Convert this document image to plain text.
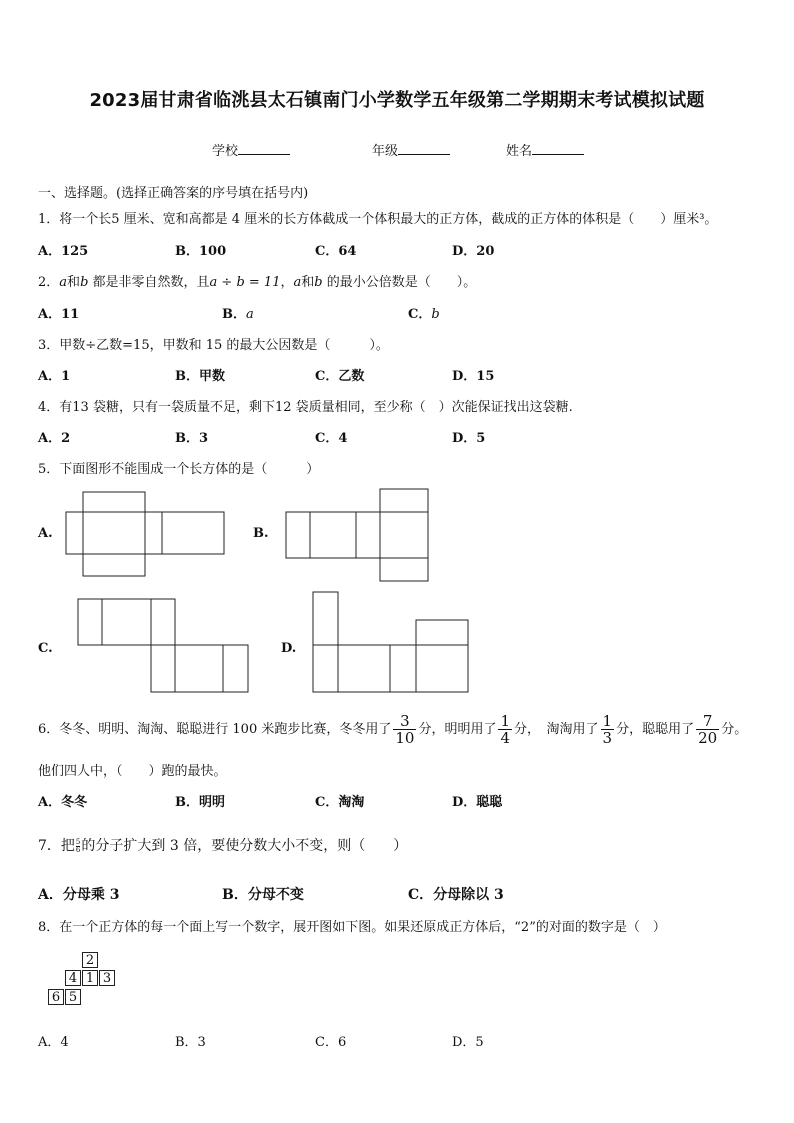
2023届甘肃省临洮县太石镇南门小学数学五年级第二学期期末考试模拟试题
学校	年级	姓名
一、选择题。(选择正确答案的序号填在括号内)
1．将一个长5 厘米、宽和高都是 4 厘米的长方体截成一个体积最大的正方体，截成的正方体的体积是（　　）厘米³。
A．125	B．100	C．64	D．20
2．a和b 都是非零自然数，且a ÷ b = 11，a和b 的最小公倍数是（　　）。
A．11	B．a	C．b
3．甲数÷乙数=15，甲数和 15 的最大公因数是（　　　）。
A．1	B．甲数	C．乙数	D．15
4．有13 袋糖，只有一袋质量不足，剩下12 袋质量相同，至少称（　）次能保证找出这袋糖.
A．2	B．3	C．4	D．5
5．下面图形不能围成一个长方体的是（　　　）
A.	B.
C.	D.
6．冬冬、明明、淘淘、聪聪进行 100 米跑步比赛，冬冬用了 $\frac{3}{10}$ 分，明明用了 $\frac{1}{4}$ 分，　淘淘用了 $\frac{1}{3}$ 分，聪聪用了 $\frac{7}{20}$ 分。
他们四人中，（　　）跑的最快。
A．冬冬	B．明明	C．淘淘	D．聪聪
7．把 $\frac{5}{6}$的分子扩大到 3 倍，要使分数大小不变，则（　　）
A．分母乘 3	B．分母不变	C．分母除以 3
8．在一个正方体的每一个面上写一个数字，展开图如下图。如果还原成正方体后，“2”的对面的数字是（　）
2
4 1 3
6 5
A．4	B．3	C．6	D．5
